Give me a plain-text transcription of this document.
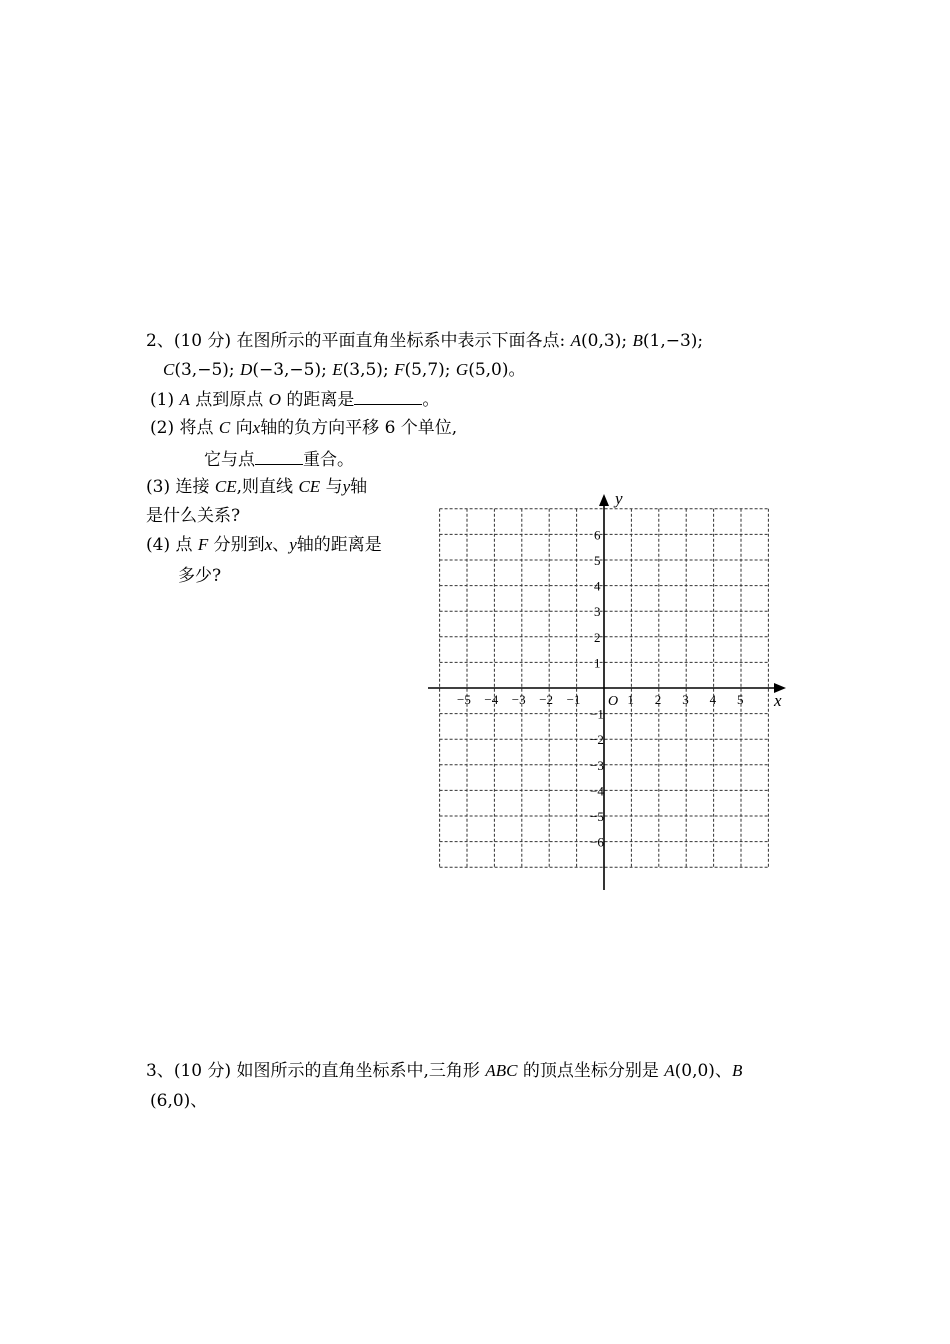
2、(10 分) 在图所示的平面直角坐标系中表示下面各点: A(0,3); B(1,−3);
C(3,−5); D(−3,−5); E(3,5); F(5,7); G(5,0)。
(1) A 点到原点 O 的距离是	。
(2) 将点 C 向x轴的负方向平移 6 个单位,
它与点	重合。
(3) 连接 CE,则直线 CE 与y轴
是什么关系?
(4) 点 F 分别到x、y轴的距离是
多少?
x
y
O
−5 −4 −3 −2 −1	1 2 3 4 5
6
5
4
3
2
1
−1
−2
−3
−4
−5
−6
3、(10 分) 如图所示的直角坐标系中,三角形 ABC 的顶点坐标分别是 A(0,0)、B
(6,0)、
